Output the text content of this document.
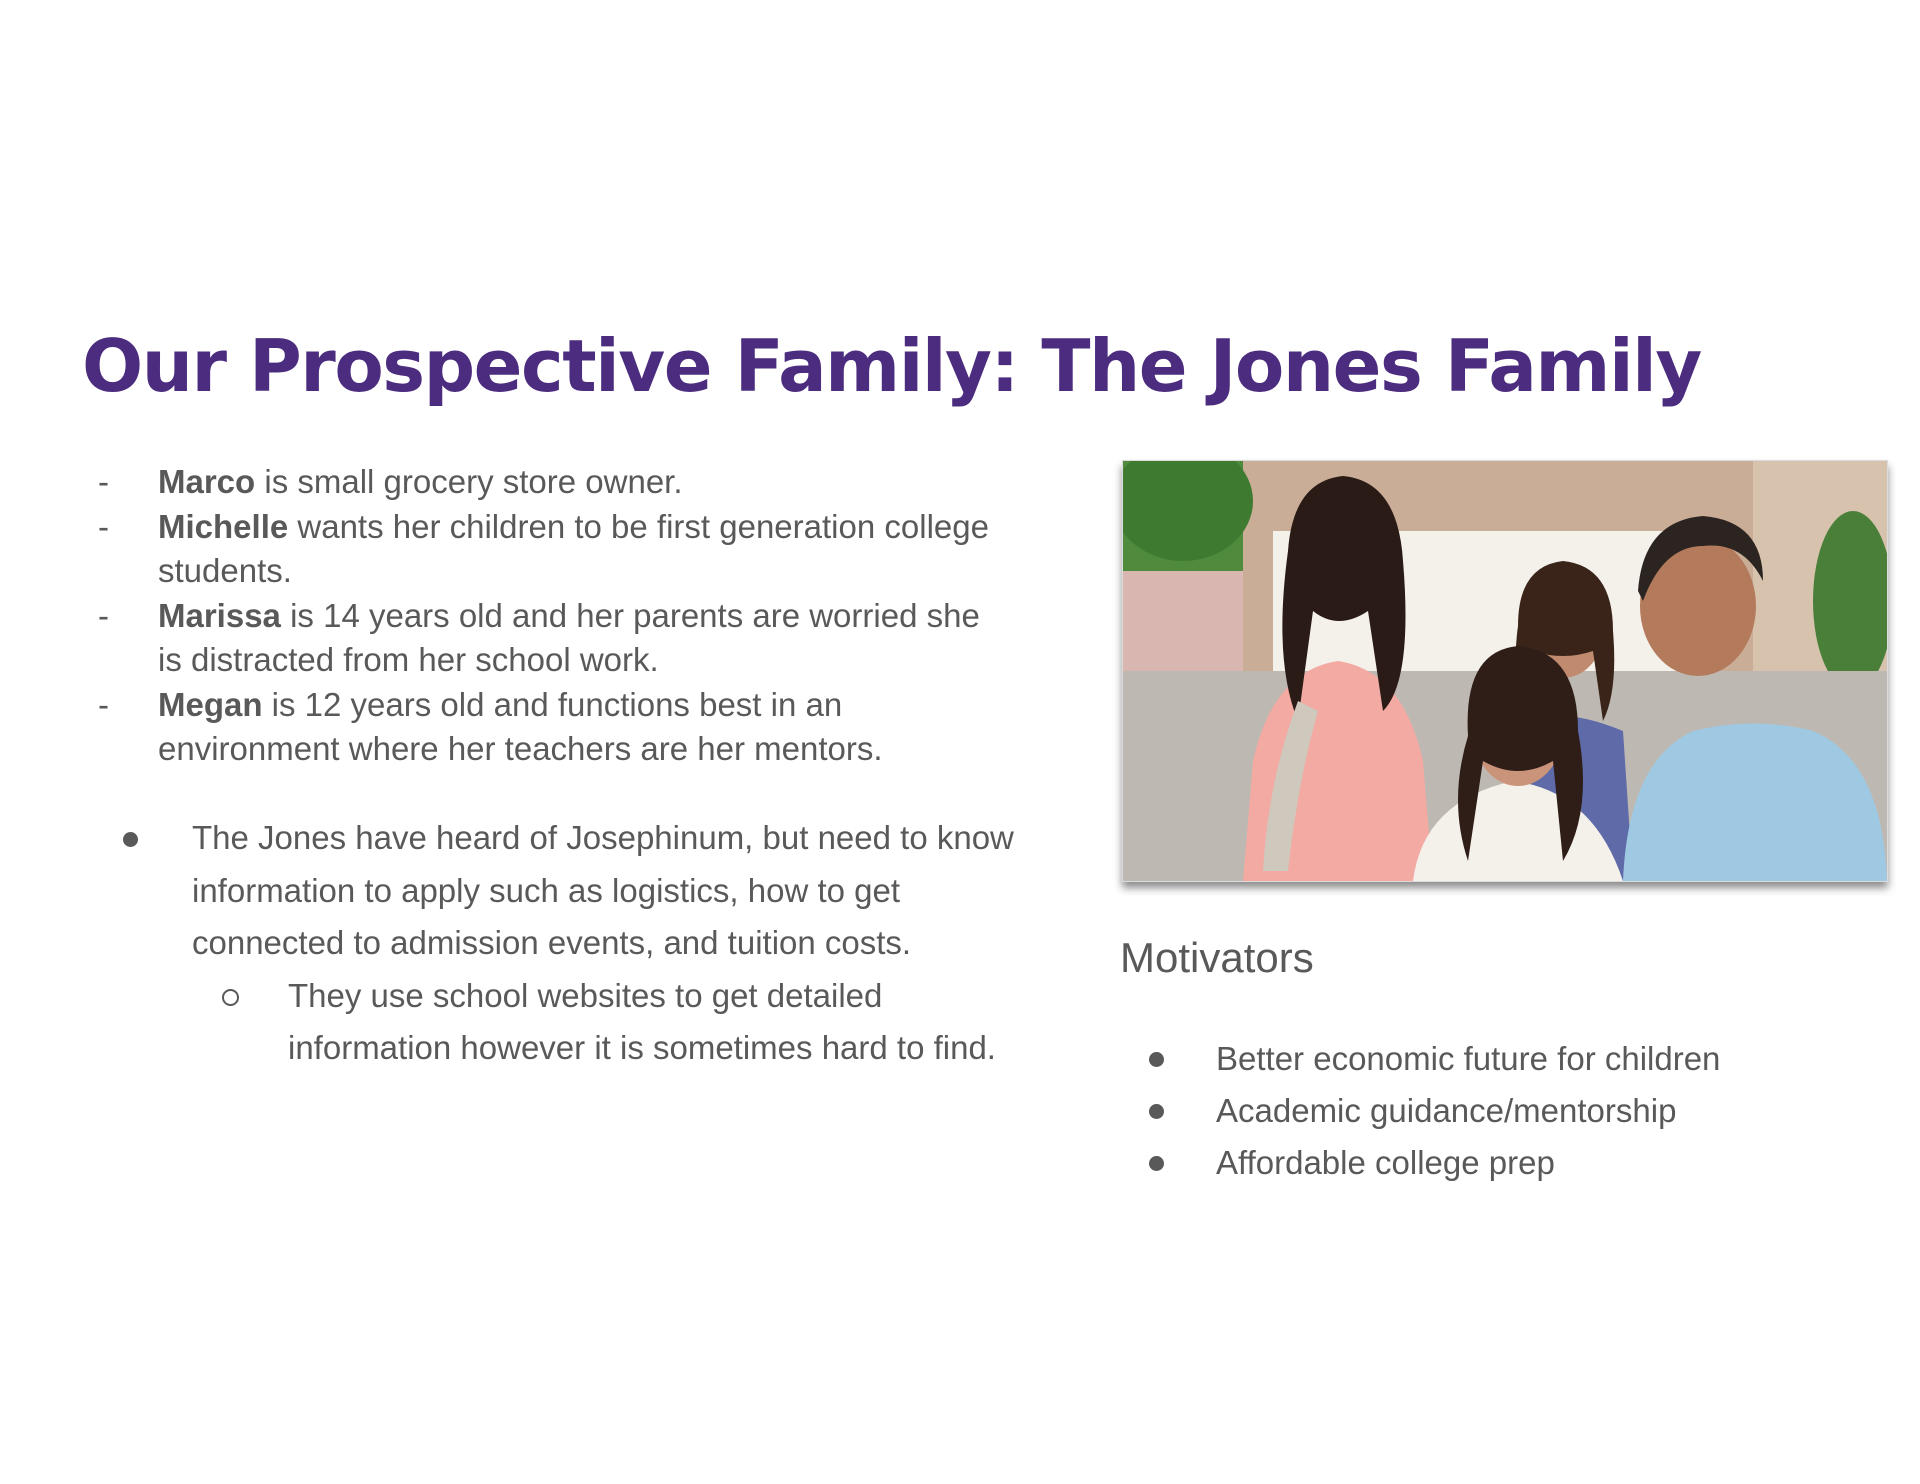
Our Prospective Family: The Jones Family
- Marco is small grocery store owner.
- Michelle wants her children to be first generation college students.
- Marissa is 14 years old and her parents are worried she is distracted from her school work.
- Megan is 12 years old and functions best in an environment where her teachers are her mentors.
The Jones have heard of Josephinum, but need to know information to apply such as logistics, how to get connected to admission events, and tuition costs.
They use school websites to get detailed information however it is sometimes hard to find.
Motivators
Better economic future for children
Academic guidance/mentorship
Affordable college prep
